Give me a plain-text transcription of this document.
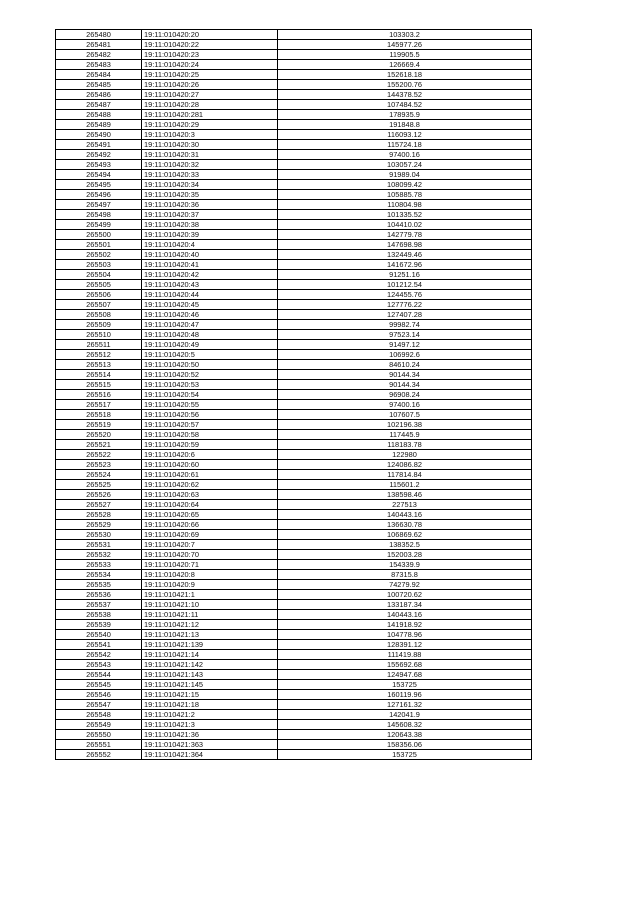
265480	19:11:010420:20	103303.2
265481	19:11:010420:22	145977.26
265482	19:11:010420:23	119905.5
265483	19:11:010420:24	126669.4
265484	19:11:010420:25	152618.18
265485	19:11:010420:26	155200.76
265486	19:11:010420:27	144378.52
265487	19:11:010420:28	107484.52
265488	19:11:010420:281	178935.9
265489	19:11:010420:29	191848.8
265490	19:11:010420:3	116093.12
265491	19:11:010420:30	115724.18
265492	19:11:010420:31	97400.16
265493	19:11:010420:32	103057.24
265494	19:11:010420:33	91989.04
265495	19:11:010420:34	108099.42
265496	19:11:010420:35	105885.78
265497	19:11:010420:36	110804.98
265498	19:11:010420:37	101335.52
265499	19:11:010420:38	104410.02
265500	19:11:010420:39	142779.78
265501	19:11:010420:4	147698.98
265502	19:11:010420:40	132449.46
265503	19:11:010420:41	141672.96
265504	19:11:010420:42	91251.16
265505	19:11:010420:43	101212.54
265506	19:11:010420:44	124455.76
265507	19:11:010420:45	127776.22
265508	19:11:010420:46	127407.28
265509	19:11:010420:47	99982.74
265510	19:11:010420:48	97523.14
265511	19:11:010420:49	91497.12
265512	19:11:010420:5	106992.6
265513	19:11:010420:50	84610.24
265514	19:11:010420:52	90144.34
265515	19:11:010420:53	90144.34
265516	19:11:010420:54	96908.24
265517	19:11:010420:55	97400.16
265518	19:11:010420:56	107607.5
265519	19:11:010420:57	102196.38
265520	19:11:010420:58	117445.9
265521	19:11:010420:59	118183.78
265522	19:11:010420:6	122980
265523	19:11:010420:60	124086.82
265524	19:11:010420:61	117814.84
265525	19:11:010420:62	115601.2
265526	19:11:010420:63	138598.46
265527	19:11:010420:64	227513
265528	19:11:010420:65	140443.16
265529	19:11:010420:66	136630.78
265530	19:11:010420:69	106869.62
265531	19:11:010420:7	138352.5
265532	19:11:010420:70	152003.28
265533	19:11:010420:71	154339.9
265534	19:11:010420:8	87315.8
265535	19:11:010420:9	74279.92
265536	19:11:010421:1	100720.62
265537	19:11:010421:10	133187.34
265538	19:11:010421:11	140443.16
265539	19:11:010421:12	141918.92
265540	19:11:010421:13	104778.96
265541	19:11:010421:139	128391.12
265542	19:11:010421:14	111419.88
265543	19:11:010421:142	155692.68
265544	19:11:010421:143	124947.68
265545	19:11:010421:145	153725
265546	19:11:010421:15	160119.96
265547	19:11:010421:18	127161.32
265548	19:11:010421:2	142041.9
265549	19:11:010421:3	145608.32
265550	19:11:010421:36	120643.38
265551	19:11:010421:363	158356.06
265552	19:11:010421:364	153725
